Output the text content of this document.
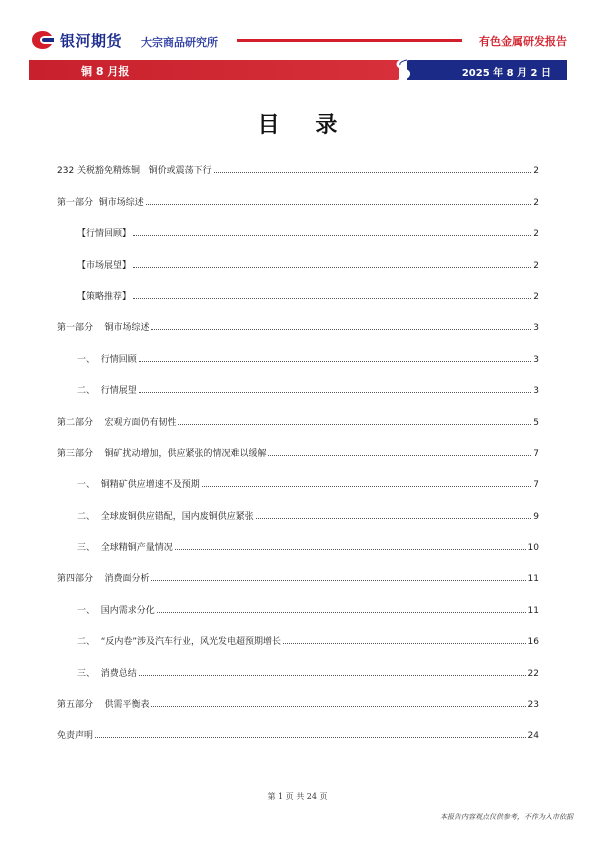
银河期货 大宗商品研究所	有色金属研发报告
铜 8 月报	2025 年 8 月 2 日
目 录
232 关税豁免精炼铜   铜价或震荡下行	2
第一部分  铜市场综述	2
【行情回顾】	2
【市场展望】	2
【策略推荐】	2
第一部分    铜市场综述	3
一、  行情回顾	3
二、  行情展望	3
第二部分    宏观方面仍有韧性	5
第三部分    铜矿扰动增加，供应紧张的情况难以缓解	7
一、  铜精矿供应增速不及预期	7
二、  全球废铜供应错配，国内废铜供应紧张	9
三、  全球精铜产量情况	10
第四部分    消费面分析	11
一、  国内需求分化	11
二、  “反内卷”涉及汽车行业，风光发电超预期增长	16
三、  消费总结	22
第五部分    供需平衡表	23
免责声明	24
第 1 页 共 24 页
本报告内容观点仅供参考，不作为入市依据
